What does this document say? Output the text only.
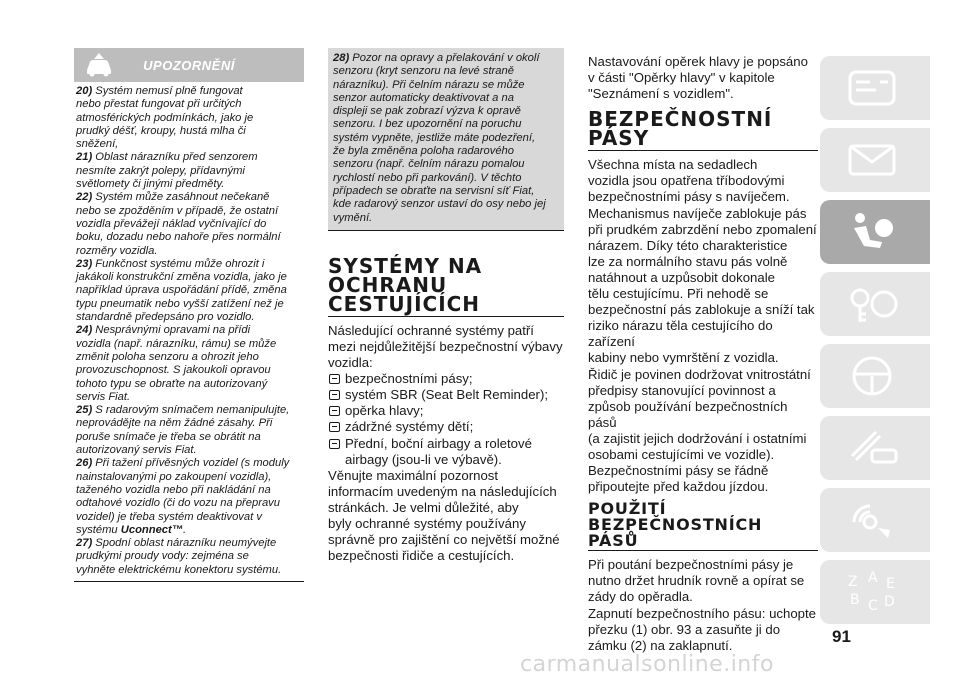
UPOZORNĚNÍ

20) Systém nemusí plně fungovat
nebo přestat fungovat při určitých
atmosférických podmínkách, jako je
prudký déšť, kroupy, hustá mlha či
sněžení,

21) Oblast nárazníku před senzorem
nesmíte zakrýt polepy, přídavnými
světlomety či jinými předměty.

22) Systém může zasáhnout nečekaně
nebo se zpožděním v případě, že ostatní
vozidla převážejí náklad vyčnívající do
boku, dozadu nebo nahoře přes normální
rozměry vozidla.

23) Funkčnost systému může ohrozit i
jakákoli konstrukční změna vozidla, jako je
například úprava uspořádání přídě, změna
typu pneumatik nebo vyšší zatížení než je
standardně předepsáno pro vozidlo.

24) Nesprávnými opravami na přídi
vozidla (např. nárazníku, rámu) se může
změnit poloha senzoru a ohrozit jeho
provozuschopnost. S jakoukoli opravou
tohoto typu se obraťte na autorizovaný
servis Fiat.

25) S radarovým snímačem nemanipulujte,
neprovádějte na něm žádné zásahy. Při
poruše snímače je třeba se obrátit na
autorizovaný servis Fiat.

26) Při tažení přívěsných vozidel (s moduly
nainstalovanými po zakoupení vozidla),
taženého vozidla nebo při nakládání na
odtahové vozidlo (či do vozu na přepravu
vozidel) je třeba systém deaktivovat v
systému Uconnect™.

27) Spodní oblast nárazníku neumývejte
prudkými proudy vody: zejména se
vyhněte elektrickému konektoru systému.

28) Pozor na opravy a přelakování v okolí
senzoru (kryt senzoru na levé straně
nárazníku). Při čelním nárazu se může
senzor automaticky deaktivovat a na
displeji se pak zobrazí výzva k opravě
senzoru. I bez upozornění na poruchu
systém vypněte, jestliže máte podezření,
že byla změněna poloha radarového
senzoru (např. čelním nárazu pomalou
rychlostí nebo při parkování). V těchto
případech se obraťte na servisní síť Fiat,
kde radarový senzor ustaví do osy nebo jej
vymění.

SYSTÉMY NA
OCHRANU
CESTUJÍCÍCH

Následující ochranné systémy patří
mezi nejdůležitější bezpečnostní výbavy
vozidla:

bezpečnostními pásy;
systém SBR (Seat Belt Reminder);
opěrka hlavy;
zádržné systémy dětí;
Přední, boční airbagy a roletové
airbagy (jsou-li ve výbavě).

Věnujte maximální pozornost
informacím uvedeným na následujících
stránkách. Je velmi důležité, aby
byly ochranné systémy používány
správně pro zajištění co největší možné
bezpečnosti řidiče a cestujících.

Nastavování opěrek hlavy je popsáno
v části "Opěrky hlavy" v kapitole
"Seznámení s vozidlem".

BEZPEČNOSTNÍ
PÁSY

Všechna místa na sedadlech
vozidla jsou opatřena tříbodovými
bezpečnostními pásy s navíječem.
Mechanismus navíječe zablokuje pás
při prudkém zabrzdění nebo zpomalení
nárazem. Díky této charakteristice
lze za normálního stavu pás volně
natáhnout a uzpůsobit dokonale
tělu cestujícímu. Při nehodě se
bezpečnostní pás zablokuje a sníží tak
riziko nárazu těla cestujícího do zařízení
kabiny nebo vymrštění z vozidla.
Řidič je povinen dodržovat vnitrostátní
předpisy stanovující povinnost a
způsob používání bezpečnostních pásů
(a zajistit jejich dodržování i ostatními
osobami cestujícími ve vozidle).
Bezpečnostními pásy se řádně
připoutejte před každou jízdou.

POUŽITÍ
BEZPEČNOSTNÍCH PÁSŮ

Při poutání bezpečnostními pásy je
nutno držet hrudník rovně a opírat se
zády do opěradla.
Zapnutí bezpečnostního pásu: uchopte
přezku (1) obr. 93 a zasuňte ji do
zámku (2) na zaklapnutí.

Z A E
B C D
91
carmanualsonline.info
